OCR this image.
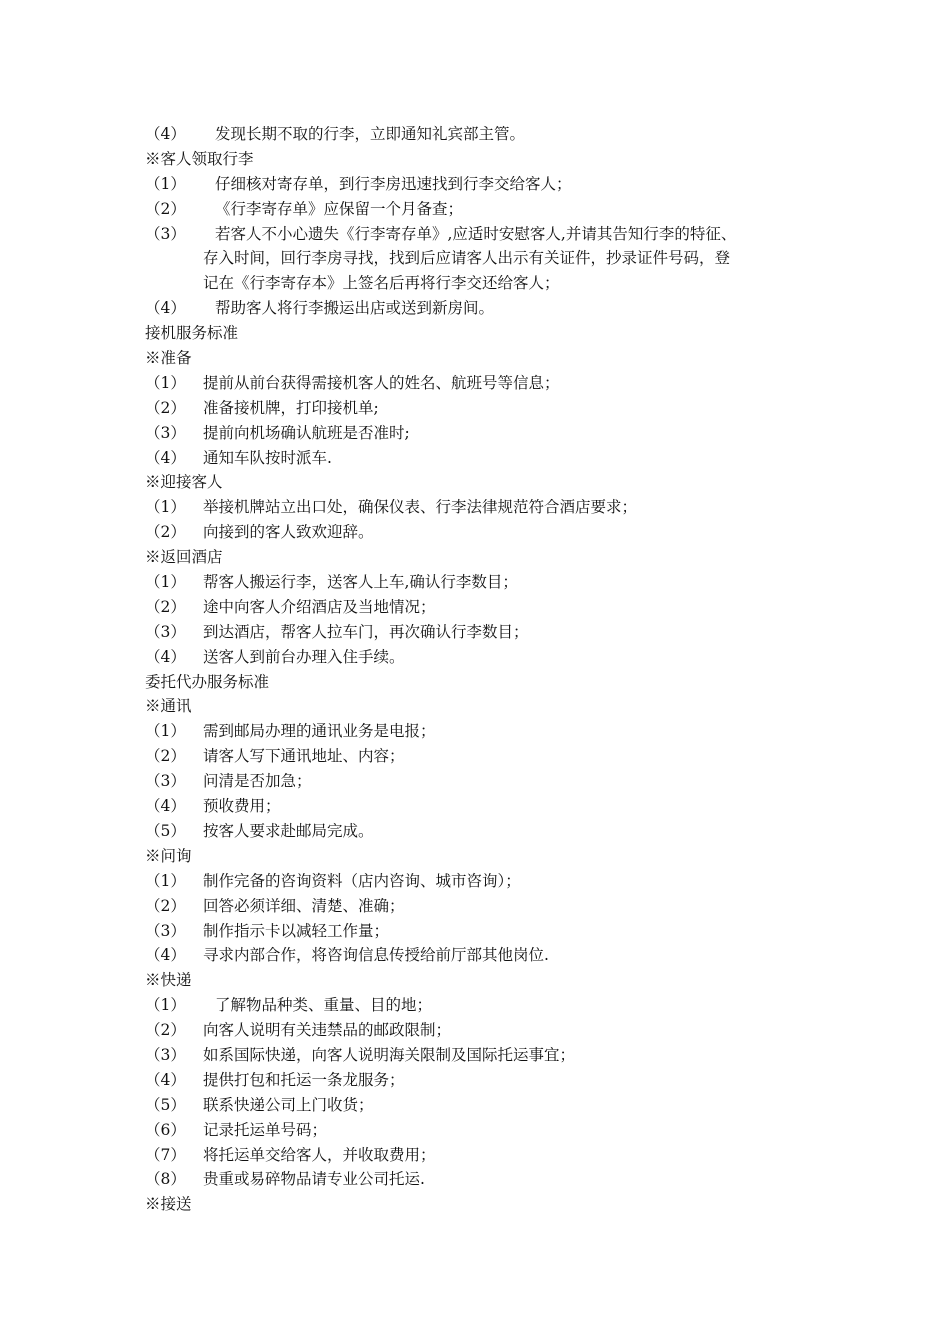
（4） 发现长期不取的行李，立即通知礼宾部主管。
※客人领取行李
（1） 仔细核对寄存单，到行李房迅速找到行李交给客人；
（2） 《行李寄存单》应保留一个月备查；
（3） 若客人不小心遗失《行李寄存单》,应适时安慰客人,并请其告知行李的特征、
存入时间，回行李房寻找，找到后应请客人出示有关证件，抄录证件号码，登
记在《行李寄存本》上签名后再将行李交还给客人；
（4） 帮助客人将行李搬运出店或送到新房间。
接机服务标准
※准备
（1） 提前从前台获得需接机客人的姓名、航班号等信息；
（2） 准备接机牌，打印接机单;
（3） 提前向机场确认航班是否准时;
（4） 通知车队按时派车.
※迎接客人
（1） 举接机牌站立出口处，确保仪表、行李法律规范符合酒店要求；
（2） 向接到的客人致欢迎辞。
※返回酒店
（1） 帮客人搬运行李，送客人上车,确认行李数目；
（2） 途中向客人介绍酒店及当地情况；
（3） 到达酒店，帮客人拉车门，再次确认行李数目；
（4） 送客人到前台办理入住手续。
委托代办服务标准
※通讯
（1） 需到邮局办理的通讯业务是电报；
（2） 请客人写下通讯地址、内容；
（3） 问清是否加急；
（4） 预收费用；
（5） 按客人要求赴邮局完成。
※问询
（1） 制作完备的咨询资料（店内咨询、城市咨询）；
（2） 回答必须详细、清楚、准确；
（3） 制作指示卡以减轻工作量；
（4） 寻求内部合作，将咨询信息传授给前厅部其他岗位.
※快递
（1） 了解物品种类、重量、目的地；
（2） 向客人说明有关违禁品的邮政限制；
（3） 如系国际快递，向客人说明海关限制及国际托运事宜；
（4） 提供打包和托运一条龙服务；
（5） 联系快递公司上门收货；
（6） 记录托运单号码；
（7） 将托运单交给客人，并收取费用；
（8） 贵重或易碎物品请专业公司托运.
※接送
